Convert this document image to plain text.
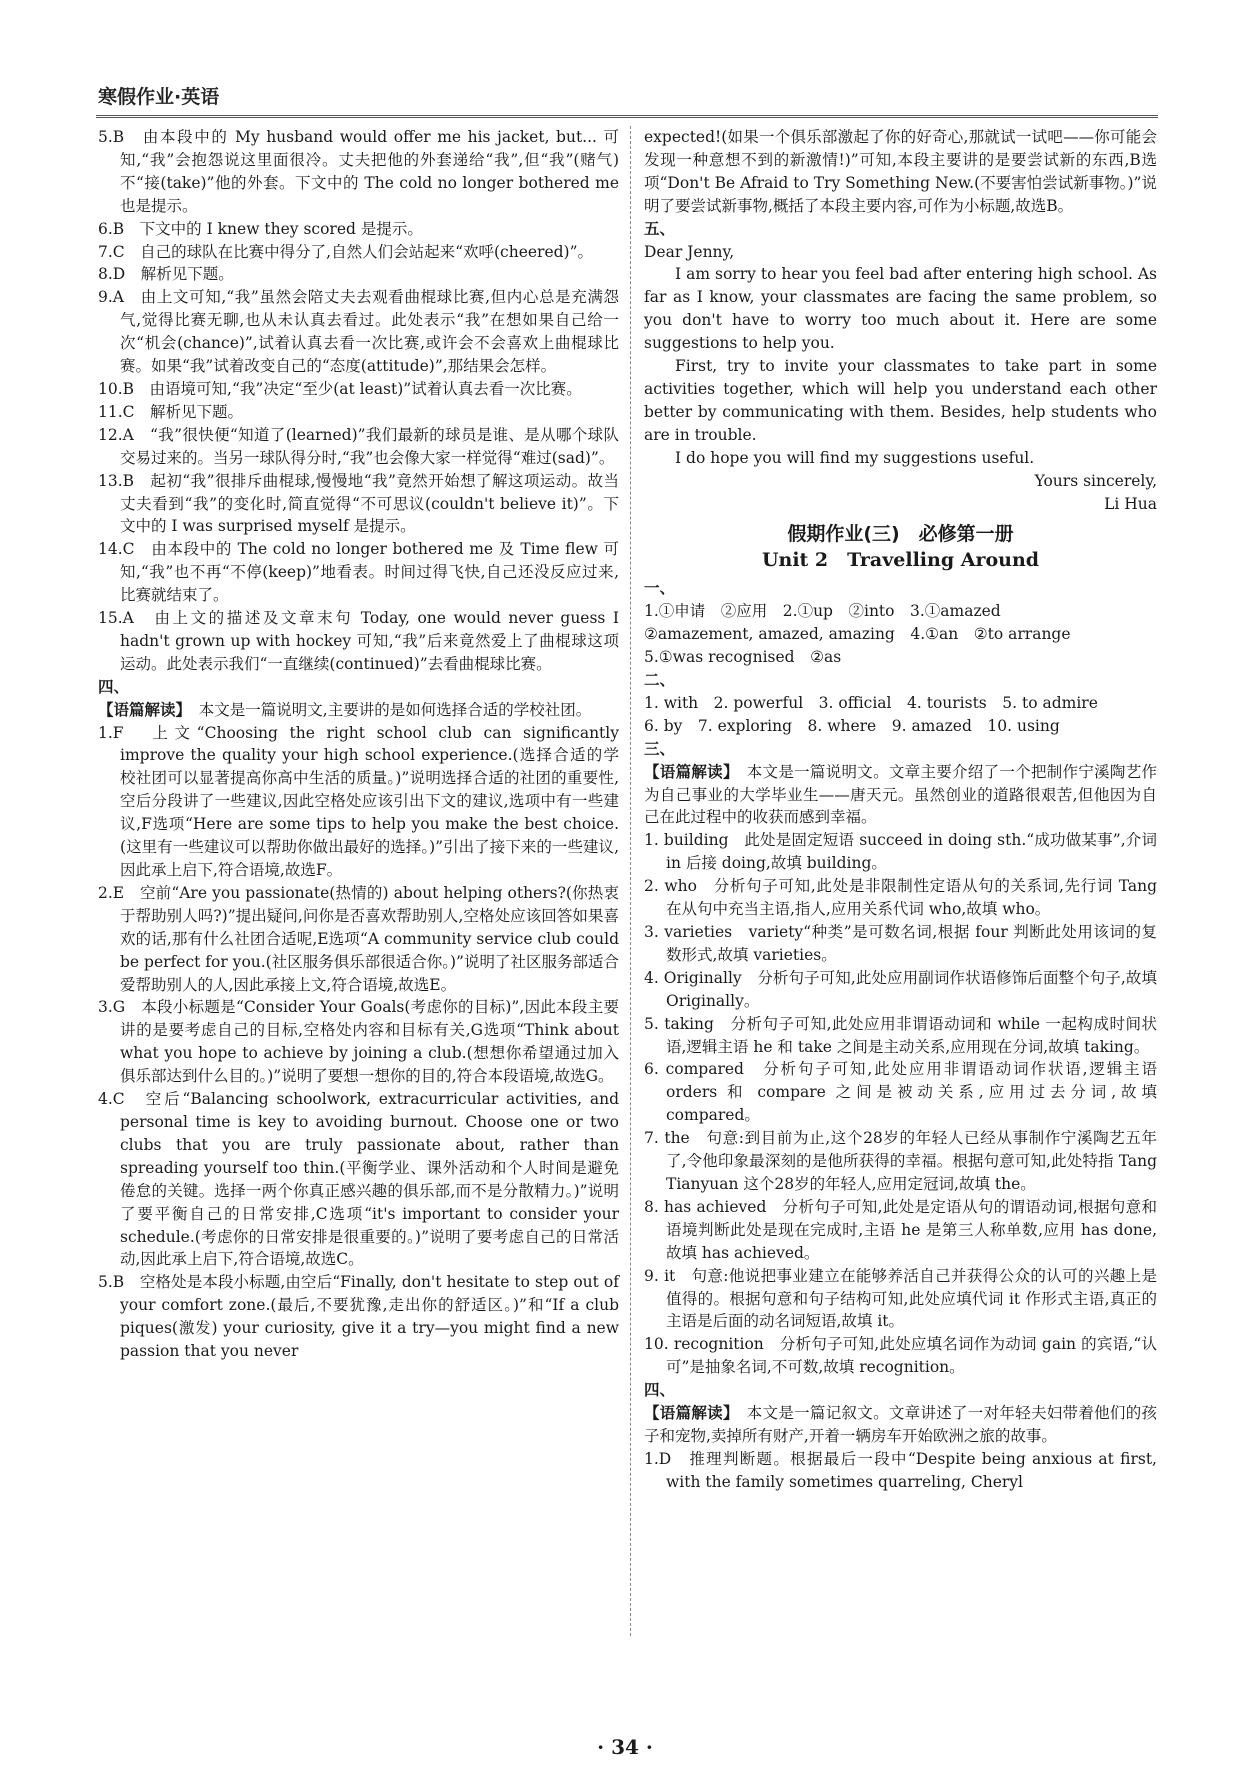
寒假作业·英语

5.B　由本段中的 My husband would offer me his jacket, but... 可知,“我”会抱怨说这里面很冷。丈夫把他的外套递给“我”,但“我”(赌气)不“接(take)”他的外套。下文中的 The cold no longer bothered me 也是提示。

6.B　下文中的 I knew they scored 是提示。

7.C　自己的球队在比赛中得分了,自然人们会站起来“欢呼(cheered)”。

8.D　解析见下题。

9.A　由上文可知,“我”虽然会陪丈夫去观看曲棍球比赛,但内心总是充满怨气,觉得比赛无聊,也从未认真去看过。此处表示“我”在想如果自己给一次“机会(chance)”,试着认真去看一次比赛,或许会不会喜欢上曲棍球比赛。如果“我”试着改变自己的“态度(attitude)”,那结果会怎样。

10.B　由语境可知,“我”决定“至少(at least)”试着认真去看一次比赛。

11.C　解析见下题。

12.A　“我”很快便“知道了(learned)”我们最新的球员是谁、是从哪个球队交易过来的。当另一球队得分时,“我”也会像大家一样觉得“难过(sad)”。

13.B　起初“我”很排斥曲棍球,慢慢地“我”竟然开始想了解这项运动。故当丈夫看到“我”的变化时,简直觉得“不可思议(couldn't believe it)”。下文中的 I was surprised myself 是提示。

14.C　由本段中的 The cold no longer bothered me 及 Time flew 可知,“我”也不再“不停(keep)”地看表。时间过得飞快,自己还没反应过来,比赛就结束了。

15.A　由上文的描述及文章末句 Today, one would never guess I hadn't grown up with hockey 可知,“我”后来竟然爱上了曲棍球这项运动。此处表示我们“一直继续(continued)”去看曲棍球比赛。

四、

【语篇解读】　本文是一篇说明文,主要讲的是如何选择合适的学校社团。

1.F　上文“Choosing the right school club can significantly improve the quality your high school experience.(选择合适的学校社团可以显著提高你高中生活的质量。)”说明选择合适的社团的重要性,空后分段讲了一些建议,因此空格处应该引出下文的建议,选项中有一些建议,F选项“Here are some tips to help you make the best choice.(这里有一些建议可以帮助你做出最好的选择。)”引出了接下来的一些建议,因此承上启下,符合语境,故选F。

2.E　空前“Are you passionate(热情的) about helping others?(你热衷于帮助别人吗?)”提出疑问,问你是否喜欢帮助别人,空格处应该回答如果喜欢的话,那有什么社团合适呢,E选项“A community service club could be perfect for you.(社区服务俱乐部很适合你。)”说明了社区服务部适合爱帮助别人的人,因此承接上文,符合语境,故选E。

3.G　本段小标题是“Consider Your Goals(考虑你的目标)”,因此本段主要讲的是要考虑自己的目标,空格处内容和目标有关,G选项“Think about what you hope to achieve by joining a club.(想想你希望通过加入俱乐部达到什么目的。)”说明了要想一想你的目的,符合本段语境,故选G。

4.C　空后“Balancing schoolwork, extracurricular activities, and personal time is key to avoiding burnout. Choose one or two clubs that you are truly passionate about, rather than spreading yourself too thin.(平衡学业、课外活动和个人时间是避免倦怠的关键。选择一两个你真正感兴趣的俱乐部,而不是分散精力。)”说明了要平衡自己的日常安排,C选项“it's important to consider your schedule.(考虑你的日常安排是很重要的。)”说明了要考虑自己的日常活动,因此承上启下,符合语境,故选C。

5.B　空格处是本段小标题,由空后“Finally, don't hesitate to step out of your comfort zone.(最后,不要犹豫,走出你的舒适区。)”和“If a club piques(激发) your curiosity, give it a try—you might find a new passion that you never

expected!(如果一个俱乐部激起了你的好奇心,那就试一试吧——你可能会发现一种意想不到的新激情!)”可知,本段主要讲的是要尝试新的东西,B选项“Don't Be Afraid to Try Something New.(不要害怕尝试新事物。)”说明了要尝试新事物,概括了本段主要内容,可作为小标题,故选B。

五、

Dear Jenny,

I am sorry to hear you feel bad after entering high school. As far as I know, your classmates are facing the same problem, so you don't have to worry too much about it. Here are some suggestions to help you.

First, try to invite your classmates to take part in some activities together, which will help you understand each other better by communicating with them. Besides, help students who are in trouble.

I do hope you will find my suggestions useful.

Yours sincerely,

Li Hua

假期作业(三)　必修第一册

Unit 2　Travelling Around

一、

1.①申请　②应用　2.①up　②into　3.①amazed

②amazement, amazed, amazing　4.①an　②to arrange

5.①was recognised　②as

二、

1. with　2. powerful　3. official　4. tourists　5. to admire

6. by　7. exploring　8. where　9. amazed　10. using

三、

【语篇解读】　本文是一篇说明文。文章主要介绍了一个把制作宁溪陶艺作为自己事业的大学毕业生——唐天元。虽然创业的道路很艰苦,但他因为自己在此过程中的收获而感到幸福。

1. building　此处是固定短语 succeed in doing sth.“成功做某事”,介词 in 后接 doing,故填 building。

2. who　分析句子可知,此处是非限制性定语从句的关系词,先行词 Tang 在从句中充当主语,指人,应用关系代词 who,故填 who。

3. varieties　variety“种类”是可数名词,根据 four 判断此处用该词的复数形式,故填 varieties。

4. Originally　分析句子可知,此处应用副词作状语修饰后面整个句子,故填 Originally。

5. taking　分析句子可知,此处应用非谓语动词和 while 一起构成时间状语,逻辑主语 he 和 take 之间是主动关系,应用现在分词,故填 taking。

6. compared　分析句子可知,此处应用非谓语动词作状语,逻辑主语 orders 和 compare 之间是被动关系,应用过去分词,故填 compared。

7. the　句意:到目前为止,这个28岁的年轻人已经从事制作宁溪陶艺五年了,令他印象最深刻的是他所获得的幸福。根据句意可知,此处特指 Tang Tianyuan 这个28岁的年轻人,应用定冠词,故填 the。

8. has achieved　分析句子可知,此处是定语从句的谓语动词,根据句意和语境判断此处是现在完成时,主语 he 是第三人称单数,应用 has done,故填 has achieved。

9. it　句意:他说把事业建立在能够养活自己并获得公众的认可的兴趣上是值得的。根据句意和句子结构可知,此处应填代词 it 作形式主语,真正的主语是后面的动名词短语,故填 it。

10. recognition　分析句子可知,此处应填名词作为动词 gain 的宾语,“认可”是抽象名词,不可数,故填 recognition。

四、

【语篇解读】　本文是一篇记叙文。文章讲述了一对年轻夫妇带着他们的孩子和宠物,卖掉所有财产,开着一辆房车开始欧洲之旅的故事。

1.D　推理判断题。根据最后一段中“Despite being anxious at first, with the family sometimes quarreling, Cheryl

· 34 ·
